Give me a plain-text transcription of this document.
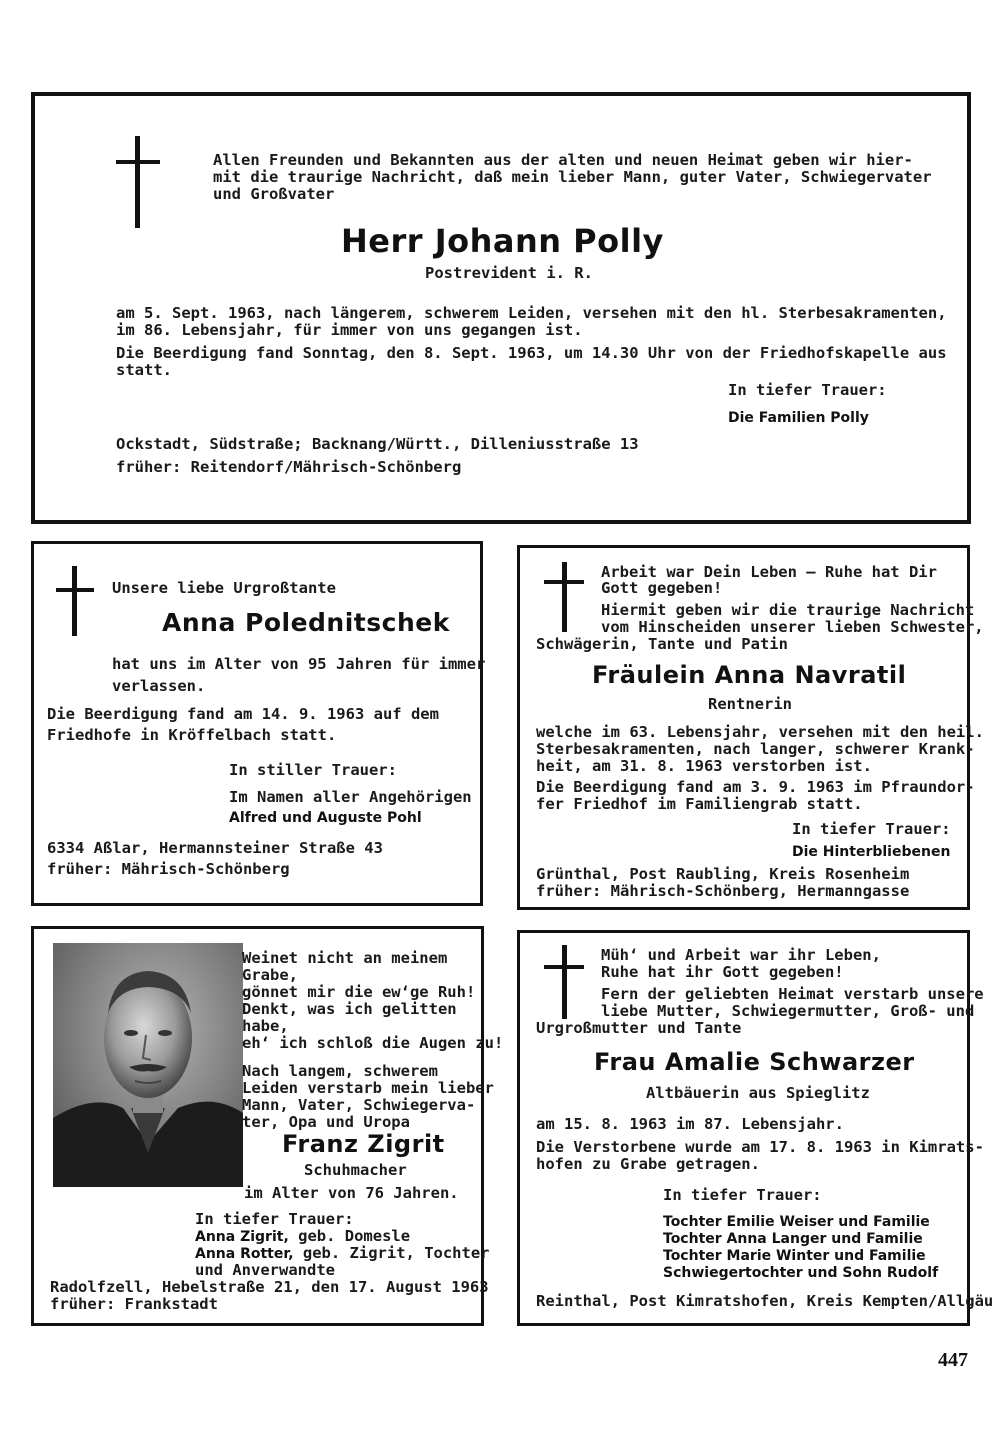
Allen Freunden und Bekannten aus der alten und neuen Heimat geben wir hier-
mit die traurige Nachricht, daß mein lieber Mann, guter Vater, Schwiegervater
und Großvater
Herr Johann Polly
Postrevident i. R.
am 5. Sept. 1963, nach längerem, schwerem Leiden, versehen mit den hl. Sterbesakramenten,
im 86. Lebensjahr, für immer von uns gegangen ist.
Die Beerdigung fand Sonntag, den 8. Sept. 1963, um 14.30 Uhr von der Friedhofskapelle aus
statt.
In tiefer Trauer:
Die Familien Polly
Ockstadt, Südstraße; Backnang/Württ., Dilleniusstraße 13
früher: Reitendorf/Mährisch-Schönberg
Unsere liebe Urgroßtante
Anna Polednitschek
hat uns im Alter von 95 Jahren für immer
verlassen.
Die Beerdigung fand am 14. 9. 1963 auf dem
Friedhofe in Kröffelbach statt.
In stiller Trauer:
Im Namen aller Angehörigen
Alfred und Auguste Pohl
6334 Aßlar, Hermannsteiner Straße 43
früher: Mährisch-Schönberg
Arbeit war Dein Leben — Ruhe hat Dir
Gott gegeben!
Hiermit geben wir die traurige Nachricht
vom Hinscheiden unserer lieben Schwester,
Schwägerin, Tante und Patin
Fräulein Anna Navratil
Rentnerin
welche im 63. Lebensjahr, versehen mit den heil.
Sterbesakramenten, nach langer, schwerer Krank-
heit, am 31. 8. 1963 verstorben ist.
Die Beerdigung fand am 3. 9. 1963 im Pfraundor-
fer Friedhof im Familiengrab statt.
In tiefer Trauer:
Die Hinterbliebenen
Grünthal, Post Raubling, Kreis Rosenheim
früher: Mährisch-Schönberg, Hermanngasse
Weinet nicht an meinem
Grabe,
gönnet mir die ew‘ge Ruh!
Denkt, was ich gelitten
habe,
eh‘ ich schloß die Augen zu!
Nach langem, schwerem
Leiden verstarb mein lieber
Mann, Vater, Schwiegerva-
ter, Opa und Uropa
Franz Zigrit
Schuhmacher
im Alter von 76 Jahren.
In tiefer Trauer:
Anna Zigrit, geb. Domesle
Anna Rotter, geb. Zigrit, Tochter
und Anverwandte
Radolfzell, Hebelstraße 21, den 17. August 1963
früher: Frankstadt
Müh‘ und Arbeit war ihr Leben,
Ruhe hat ihr Gott gegeben!
Fern der geliebten Heimat verstarb unsere
liebe Mutter, Schwiegermutter, Groß- und
Urgroßmutter und Tante
Frau Amalie Schwarzer
Altbäuerin aus Spieglitz
am 15. 8. 1963 im 87. Lebensjahr.
Die Verstorbene wurde am 17. 8. 1963 in Kimrats-
hofen zu Grabe getragen.
In tiefer Trauer:
Tochter Emilie Weiser und Familie
Tochter Anna Langer und Familie
Tochter Marie Winter und Familie
Schwiegertochter und Sohn Rudolf
Reinthal, Post Kimratshofen, Kreis Kempten/Allgäu
447
